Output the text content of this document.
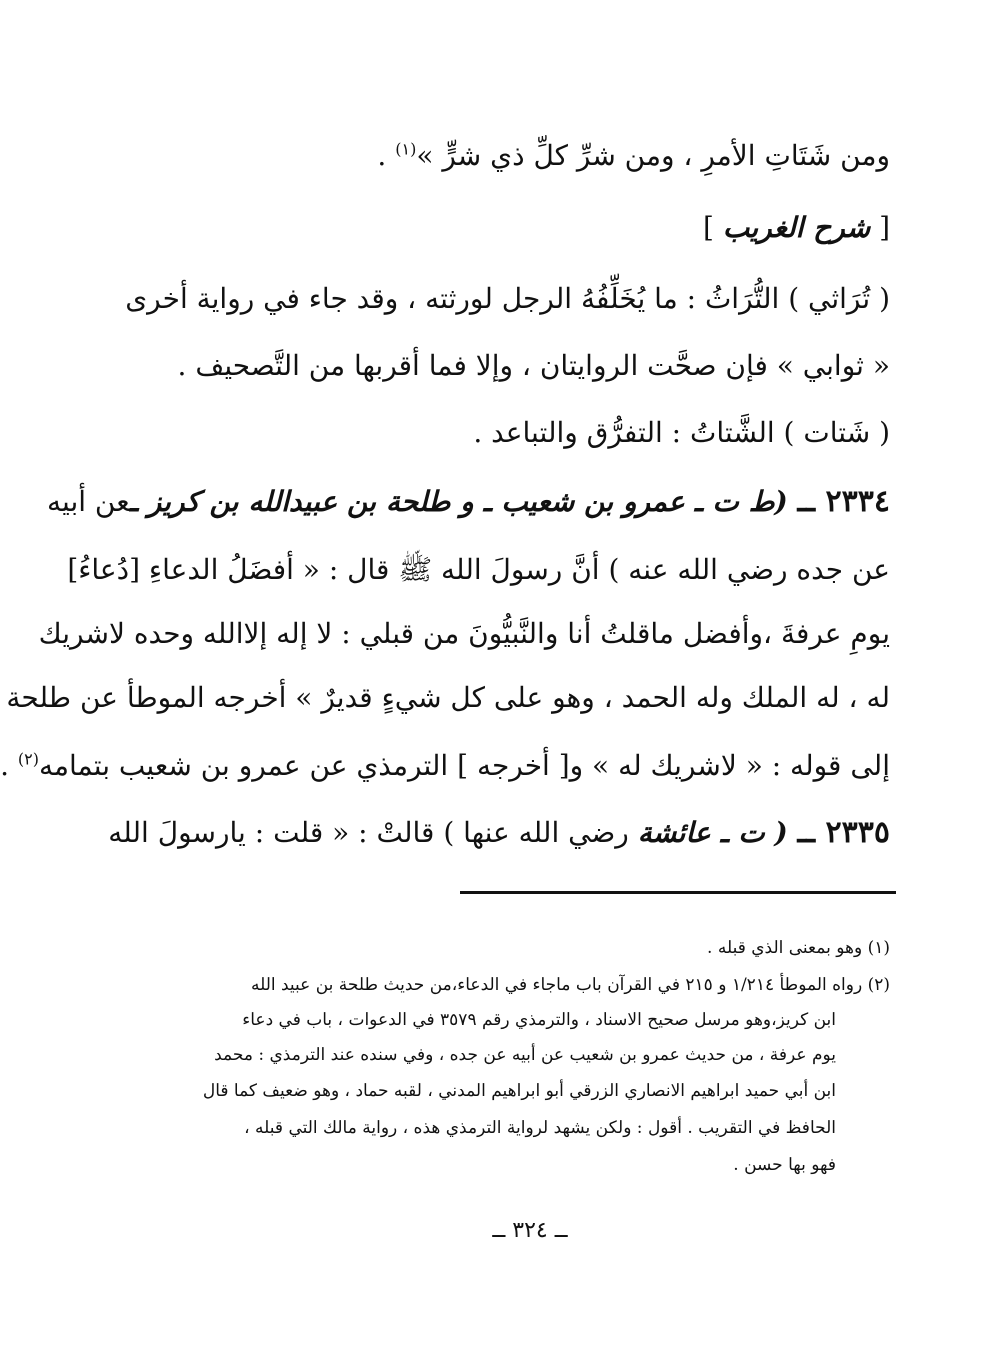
ومن شَتَاتِ الأمرِ ، ومن شرِّ كلِّ ذي شرٍّ »$^{(١)}$ .
[ شرح الغريب ]
( تُرَاثي ) التُّرَاثُ : ما يُخَلِّفُهُ الرجل لورثته ، وقد جاء في رواية أخرى
« ثوابي » فإن صحَّت الروايتان ، وإلا فما أقربها من التَّصحيف .
( شَتات ) الشَّتاتُ : التفرُّق والتباعد .
٢٣٣٤ ــ (ط ت ـ عمرو بن شعيب ـ و طلحة بن عبيدالله بن كريز ـعن أبيه
عن جده رضي الله عنه ) أنَّ رسولَ الله ﷺ قال : « أفضَلُ الدعاءِ [دُعاءُ]
يومِ عرفةَ ،وأفضل ماقلتُ أنا والنَّبيُّونَ من قبلي : لا إله إلاالله وحده لاشريك
له ، له الملك وله الحمد ، وهو على كل شيءٍ قديرٌ » أخرجه الموطأ عن طلحة
إلى قوله : « لاشريك له » و[ أخرجه ] الترمذي عن عمرو بن شعيب بتمامه$^{(٢)}$ .
٢٣٣٥ ــ ( ت ـ عائشة رضي الله عنها ) قالتْ : « قلت : يارسولَ الله
(١) وهو بمعنى الذي قبله .
(٢) رواه الموطأ ١/٢١٤ و ٢١٥ في القرآن باب ماجاء في الدعاء،من حديث طلحة بن عبيد الله
ابن كريز،وهو مرسل صحيح الاسناد ، والترمذي رقم ٣٥٧٩ في الدعوات ، باب في دعاء
يوم عرفة ، من حديث عمرو بن شعيب عن أبيه عن جده ، وفي سنده عند الترمذي : محمد
ابن أبي حميد ابراهيم الانصاري الزرقي أبو ابراهيم المدني ، لقبه حماد ، وهو ضعيف كما قال
الحافظ في التقريب . أقول : ولكن يشهد لرواية الترمذي هذه ، رواية مالك التي قبله ،
فهو بها حسن .
ــ ٣٢٤ ــ
